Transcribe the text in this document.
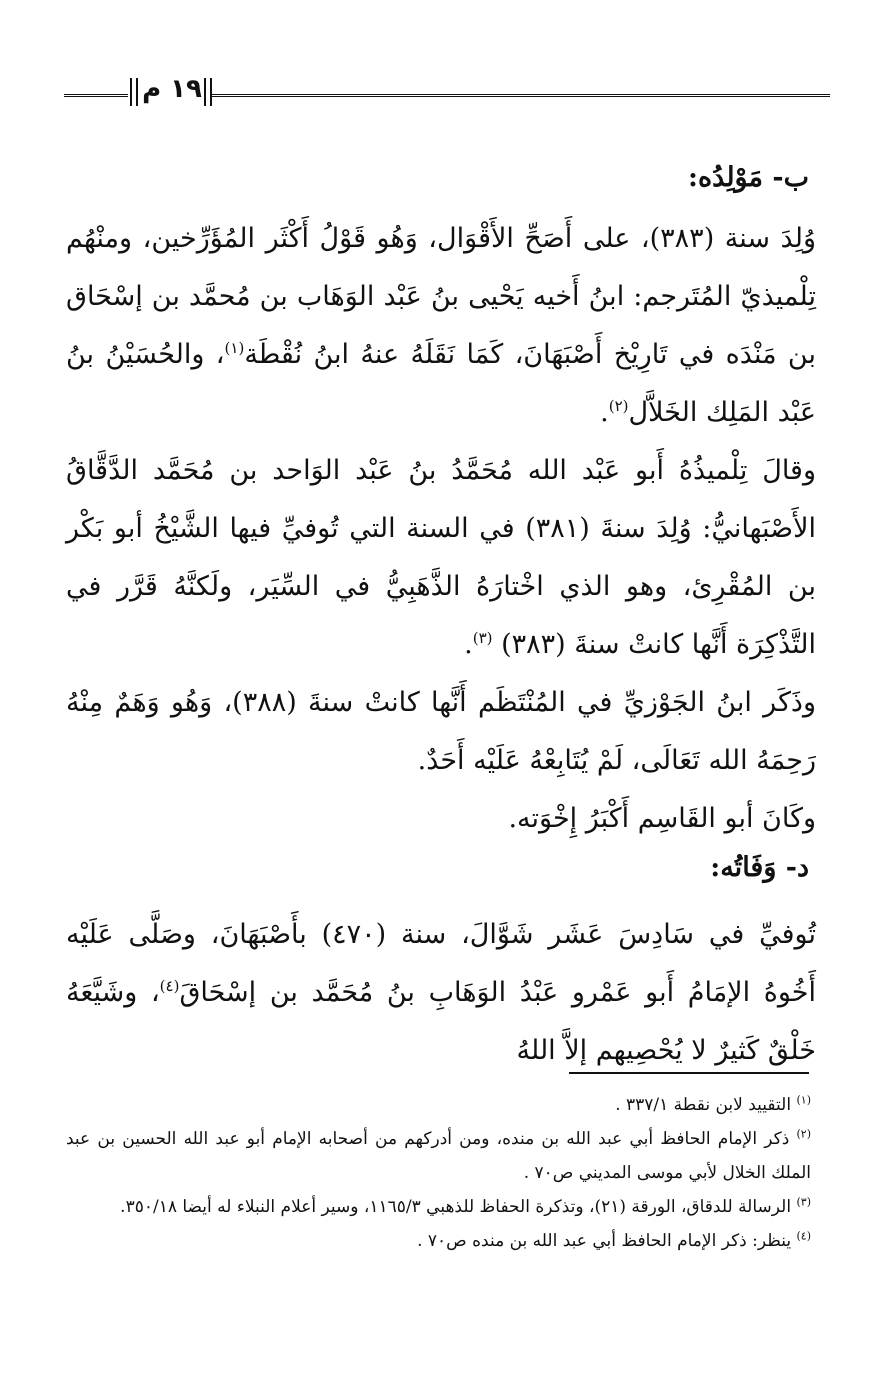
١٩ م
ب- مَوْلِدُه:

وُلِدَ سنة (٣٨٣)، على أَصَحِّ الأَقْوَال، وَهُو قَوْلُ أَكْثَر المُؤَرِّخين، ومنْهُم تِلْميذيّ المُتَرجم: ابنُ أَخيه يَحْيى بنُ عَبْد الوَهَاب بن مُحمَّد بن إسْحَاق بن مَنْدَه في تَارِيْخ أَصْبَهَانَ، كَمَا نَقَلَهُ عنهُ ابنُ نُقْطَة$^{(١)}$، والحُسَيْنُ بنُ عَبْد المَلِك الخَلاَّل$^{(٢)}$.

وقالَ تِلْميذُهُ أَبو عَبْد الله مُحَمَّدُ بنُ عَبْد الوَاحد بن مُحَمَّد الدَّقَّاقُ الأَصْبَهانيُّ: وُلِدَ سنةَ (٣٨١) في السنة التي تُوفيِّ فيها الشَّيْخُ أبو بَكْر بن المُقْرِئ، وهو الذي اخْتارَهُ الذَّهَبِيُّ في السِّيَر، ولَكنَّهُ قَرَّر في التَّذْكِرَة أَنَّها كانتْ سنةَ (٣٨٣) $^{(٣)}$.

وذَكَر ابنُ الجَوْزيِّ في المُنْتَظَم أَنَّها كانتْ سنةَ (٣٨٨)، وَهُو وَهَمٌ مِنْهُ رَحِمَهُ الله تَعَالَى، لَمْ يُتَابِعْهُ عَلَيْه أَحَدٌ.

وكَانَ أبو القَاسِم أَكْبَرُ إِخْوَته.

د- وَفَاتُه:

تُوفيِّ في سَادِسَ عَشَر شَوَّالَ، سنة (٤٧٠) بأَصْبَهَانَ، وصَلَّى عَلَيْه أَخُوهُ الإمَامُ أَبو عَمْرو عَبْدُ الوَهَابِ بنُ مُحَمَّد بن إسْحَاقَ$^{(٤)}$، وشَيَّعَهُ خَلْقٌ كَثيرٌ لا يُحْصِيهم إلاَّ اللهُ

$^{(١)}$ التقييد لابن نقطة ٣٣٧/١ .

$^{(٢)}$ ذكر الإمام الحافظ أبي عبد الله بن منده، ومن أدركهم من أصحابه الإمام أبو عبد الله الحسين بن عبد الملك الخلال لأبي موسى المديني ص٧٠ .

$^{(٣)}$ الرسالة للدقاق، الورقة (٢١)، وتذكرة الحفاظ للذهبي ١١٦٥/٣، وسير أعلام النبلاء له أيضا ٣٥٠/١٨.

$^{(٤)}$ ينظر: ذكر الإمام الحافظ أبي عبد الله بن منده ص٧٠ .
